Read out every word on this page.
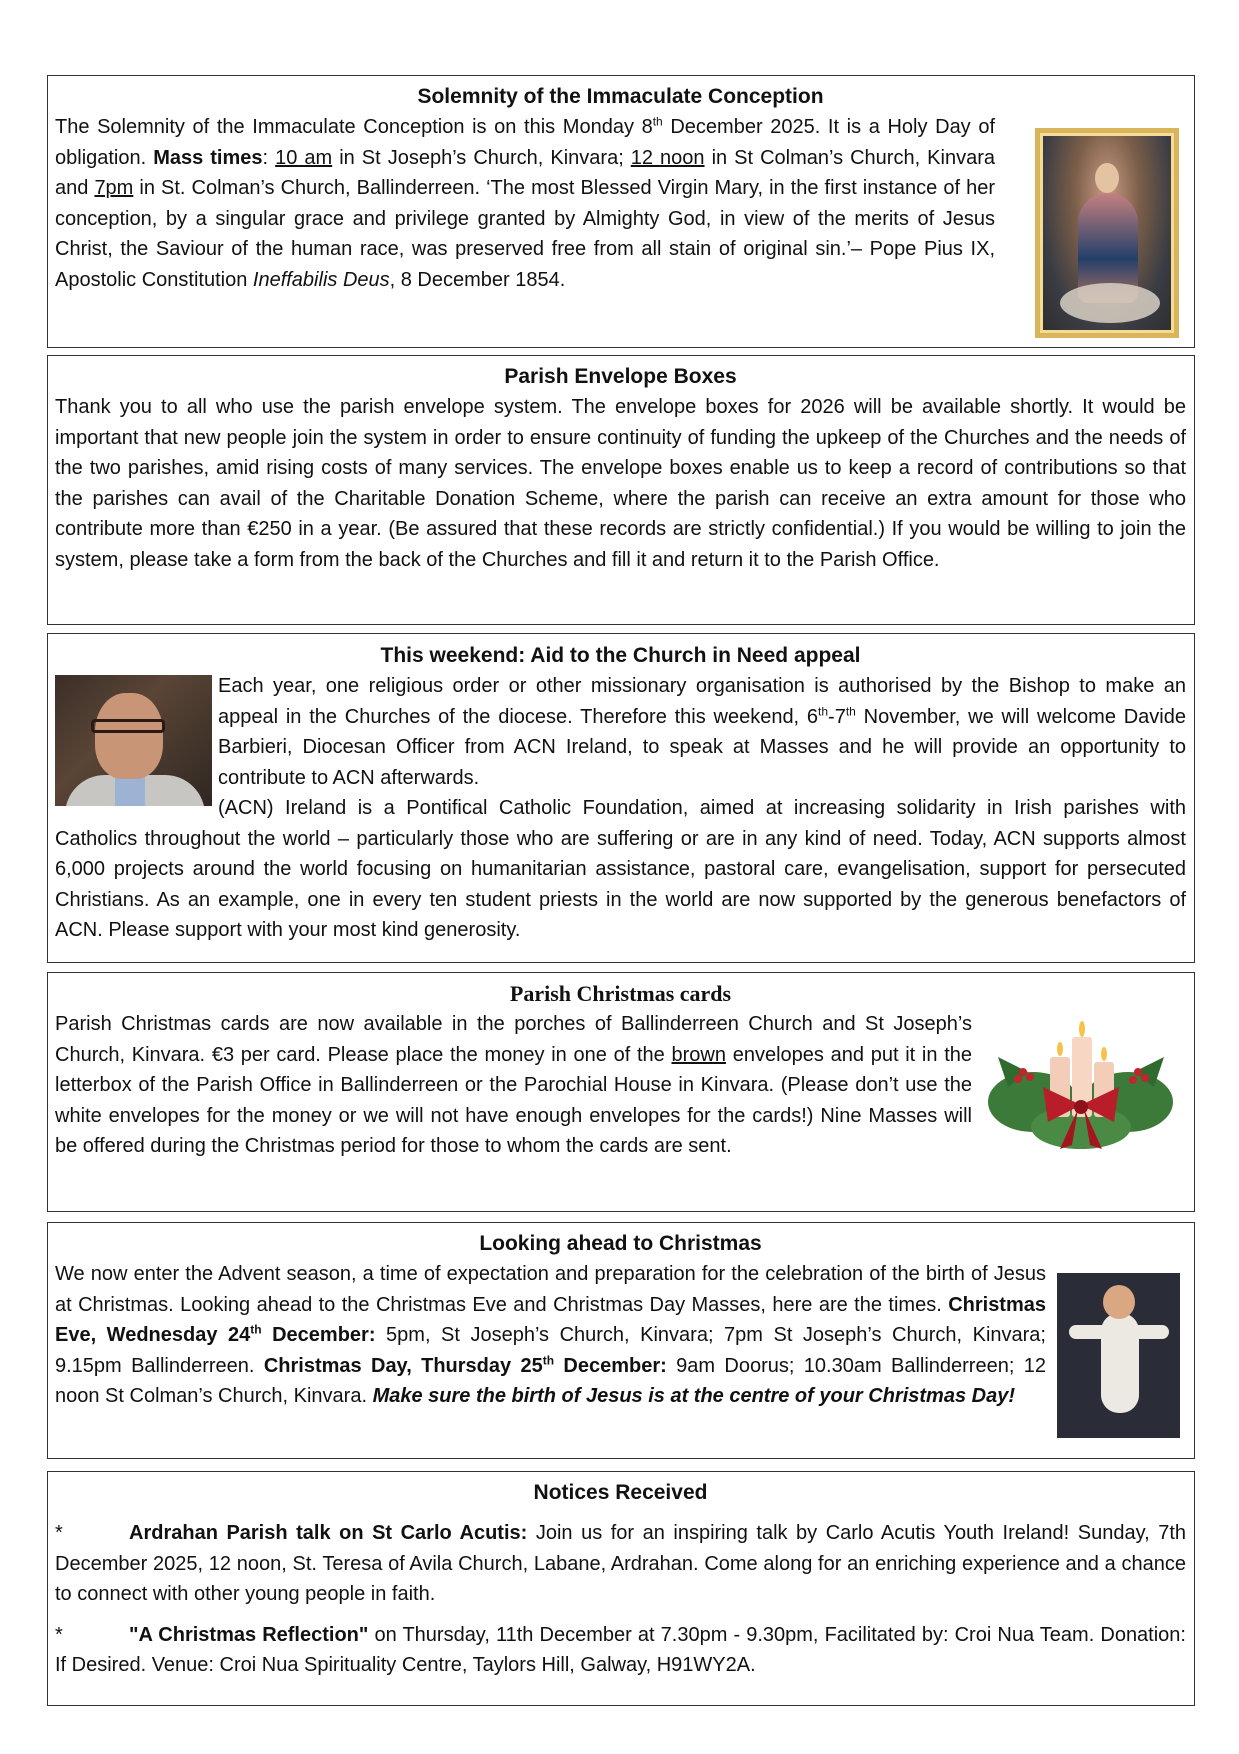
Solemnity of the Immaculate Conception

The Solemnity of the Immaculate Conception is on this Monday 8th December 2025. It is a Holy Day of obligation. Mass times: 10 am in St Joseph’s Church, Kinvara; 12 noon in St Colman’s Church, Kinvara and 7pm in St. Colman’s Church, Ballinderreen. ‘The most Blessed Virgin Mary, in the first instance of her conception, by a singular grace and privilege granted by Almighty God, in view of the merits of Jesus Christ, the Saviour of the human race, was preserved free from all stain of original sin.’– Pope Pius IX, Apostolic Constitution Ineffabilis Deus, 8 December 1854.

Parish Envelope Boxes

Thank you to all who use the parish envelope system. The envelope boxes for 2026 will be available shortly. It would be important that new people join the system in order to ensure continuity of funding the upkeep of the Churches and the needs of the two parishes, amid rising costs of many services. The envelope boxes enable us to keep a record of contributions so that the parishes can avail of the Charitable Donation Scheme, where the parish can receive an extra amount for those who contribute more than €250 in a year. (Be assured that these records are strictly confidential.) If you would be willing to join the system, please take a form from the back of the Churches and fill it and return it to the Parish Office.

This weekend: Aid to the Church in Need appeal

Each year, one religious order or other missionary organisation is authorised by the Bishop to make an appeal in the Churches of the diocese. Therefore this weekend, 6th-7th November, we will welcome Davide Barbieri, Diocesan Officer from ACN Ireland, to speak at Masses and he will provide an opportunity to contribute to ACN afterwards.
(ACN) Ireland is a Pontifical Catholic Foundation, aimed at increasing solidarity in Irish parishes with Catholics throughout the world – particularly those who are suffering or are in any kind of need. Today, ACN supports almost 6,000 projects around the world focusing on humanitarian assistance, pastoral care, evangelisation, support for persecuted Christians. As an example, one in every ten student priests in the world are now supported by the generous benefactors of ACN. Please support with your most kind generosity.

Parish Christmas cards

Parish Christmas cards are now available in the porches of Ballinderreen Church and St Joseph’s Church, Kinvara. €3 per card. Please place the money in one of the brown envelopes and put it in the letterbox of the Parish Office in Ballinderreen or the Parochial House in Kinvara. (Please don’t use the white envelopes for the money or we will not have enough envelopes for the cards!) Nine Masses will be offered during the Christmas period for those to whom the cards are sent.

Looking ahead to Christmas

We now enter the Advent season, a time of expectation and preparation for the celebration of the birth of Jesus at Christmas. Looking ahead to the Christmas Eve and Christmas Day Masses, here are the times. Christmas Eve, Wednesday 24th December: 5pm, St Joseph’s Church, Kinvara; 7pm St Joseph’s Church, Kinvara; 9.15pm Ballinderreen. Christmas Day, Thursday 25th December: 9am Doorus; 10.30am Ballinderreen; 12 noon St Colman’s Church, Kinvara. Make sure the birth of Jesus is at the centre of your Christmas Day!

Notices Received

*	Ardrahan Parish talk on St Carlo Acutis: Join us for an inspiring talk by Carlo Acutis Youth Ireland! Sunday, 7th December 2025, 12 noon, St. Teresa of Avila Church, Labane, Ardrahan. Come along for an enriching experience and a chance to connect with other young people in faith.

*	"A Christmas Reflection" on Thursday, 11th December at 7.30pm - 9.30pm, Facilitated by: Croi Nua Team. Donation: If Desired. Venue: Croi Nua Spirituality Centre, Taylors Hill, Galway, H91WY2A.
